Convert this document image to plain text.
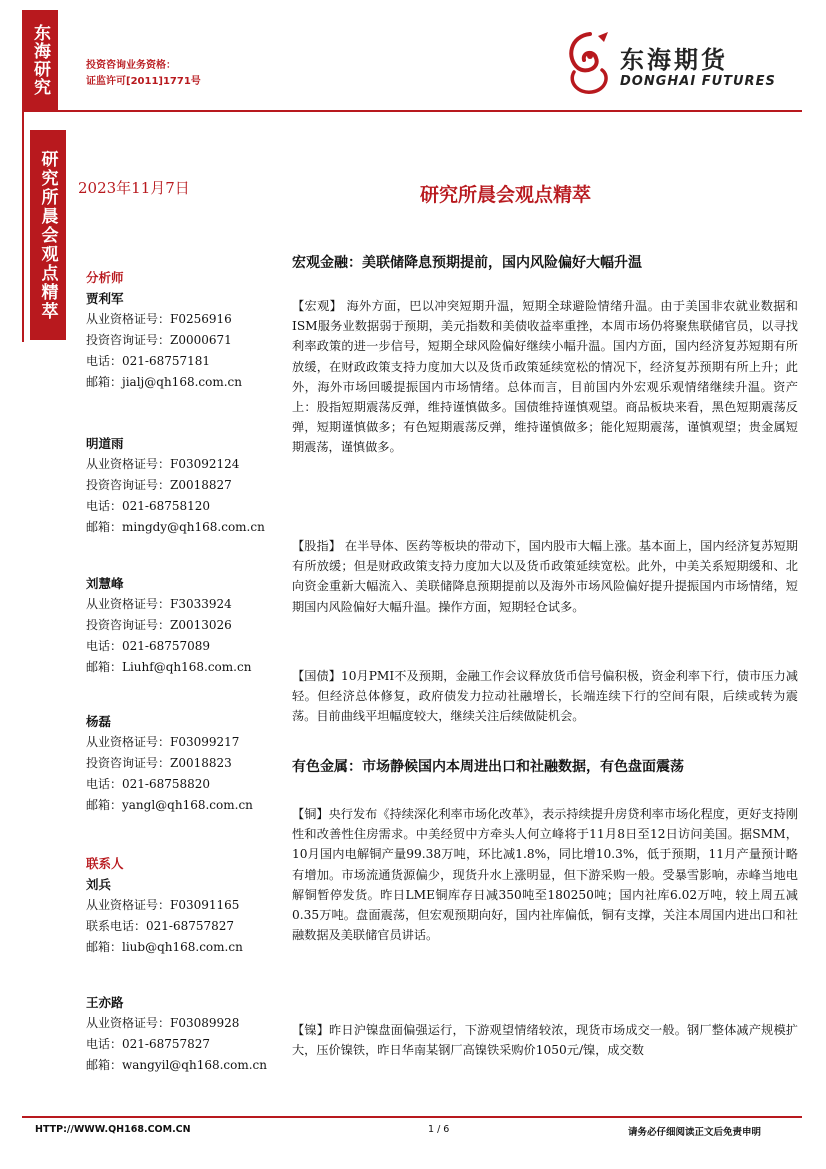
东海研究
研究所晨会观点精萃
投资咨询业务资格：
证监许可[2011]1771号
东海期货
DONGHAI FUTURES
2023年11月7日	研究所晨会观点精萃
分析师
贾利军
从业资格证号：F0256916
投资咨询证号：Z0000671
电话：021-68757181
邮箱：jialj@qh168.com.cn
明道雨
从业资格证号：F03092124
投资咨询证号：Z0018827
电话：021-68758120
邮箱：mingdy@qh168.com.cn
刘慧峰
从业资格证号：F3033924
投资咨询证号：Z0013026
电话：021-68757089
邮箱：Liuhf@qh168.com.cn
杨磊
从业资格证号：F03099217
投资咨询证号：Z0018823
电话：021-68758820
邮箱：yangl@qh168.com.cn
联系人
刘兵
从业资格证号：F03091165
联系电话：021-68757827
邮箱：liub@qh168.com.cn
王亦路
从业资格证号：F03089928
电话：021-68757827
邮箱：wangyil@qh168.com.cn
宏观金融：美联储降息预期提前，国内风险偏好大幅升温
【宏观】 海外方面，巴以冲突短期升温，短期全球避险情绪升温。由于美国非农就业数据和ISM服务业数据弱于预期，美元指数和美债收益率重挫，本周市场仍将聚焦联储官员，以寻找利率政策的进一步信号，短期全球风险偏好继续小幅升温。国内方面，国内经济复苏短期有所放缓，在财政政策支持力度加大以及货币政策延续宽松的情况下，经济复苏预期有所上升；此外，海外市场回暖提振国内市场情绪。总体而言，目前国内外宏观乐观情绪继续升温。资产上：股指短期震荡反弹，维持谨慎做多。国债维持谨慎观望。商品板块来看，黑色短期震荡反弹，短期谨慎做多；有色短期震荡反弹，维持谨慎做多；能化短期震荡，谨慎观望；贵金属短期震荡，谨慎做多。
【股指】 在半导体、医药等板块的带动下，国内股市大幅上涨。基本面上，国内经济复苏短期有所放缓；但是财政政策支持力度加大以及货币政策延续宽松。此外，中美关系短期缓和、北向资金重新大幅流入、美联储降息预期提前以及海外市场风险偏好提升提振国内市场情绪，短期国内风险偏好大幅升温。操作方面，短期轻仓试多。
【国债】10月PMI不及预期，金融工作会议释放货币信号偏积极，资金利率下行，债市压力减轻。但经济总体修复，政府债发力拉动社融增长，长端连续下行的空间有限，后续或转为震荡。目前曲线平坦幅度较大，继续关注后续做陡机会。
有色金属：市场静候国内本周进出口和社融数据，有色盘面震荡
【铜】央行发布《持续深化利率市场化改革》，表示持续提升房贷利率市场化程度，更好支持刚性和改善性住房需求。中美经贸中方牵头人何立峰将于11月8日至12日访问美国。据SMM，10月国内电解铜产量99.38万吨，环比减1.8%，同比增10.3%，低于预期，11月产量预计略有增加。市场流通货源偏少，现货升水上涨明显，但下游采购一般。受暴雪影响，赤峰当地电解铜暂停发货。昨日LME铜库存日减350吨至180250吨；国内社库6.02万吨，较上周五减0.35万吨。盘面震荡，但宏观预期向好，国内社库偏低，铜有支撑，关注本周国内进出口和社融数据及美联储官员讲话。
【镍】昨日沪镍盘面偏强运行，下游观望情绪较浓，现货市场成交一般。钢厂整体减产规模扩大，压价镍铁，昨日华南某钢厂高镍铁采购价1050元/镍，成交数
HTTP://WWW.QH168.COM.CN	1 / 6	请务必仔细阅读正文后免责申明
